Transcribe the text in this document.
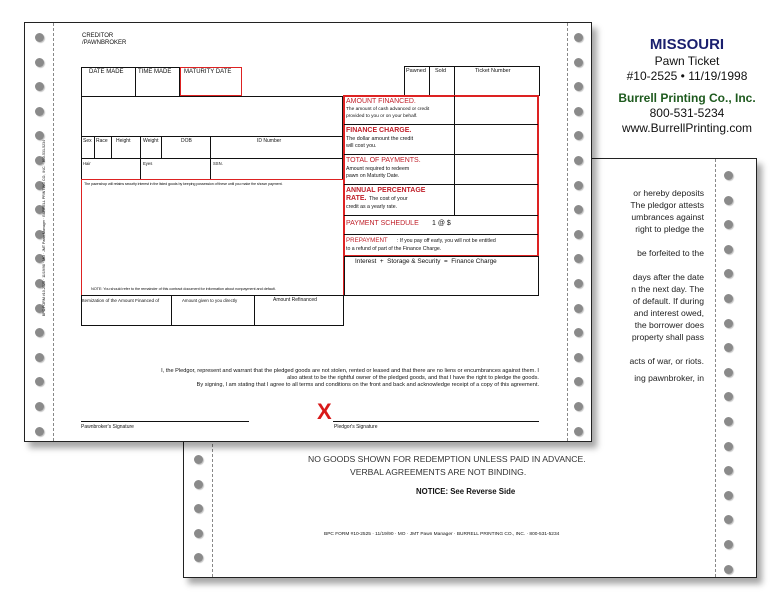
MISSOURI
Pawn Ticket
#10-2525 • 11/19/1998
Burrell Printing Co., Inc.
800-531-5234
www.BurrellPrinting.com
or hereby deposits
The pledgor attests
umbrances against
right to pledge the
be forfeited to the
days after the date
n the next day. The
of default. If during
and interest owed,
the borrower does
property shall pass
acts of war, or riots.
ing pawnbroker, in
NO GOODS SHOWN FOR REDEMPTION UNLESS PAID IN ADVANCE.
VERBAL AGREEMENTS ARE NOT BINDING.
NOTICE: See Reverse Side
BPC FORM #10-2525 · 11/19/90 · MO · JMT Pawn Manager · BURRELL PRINTING CO., INC. · 800-531-5234
BPC FORM #10-2525 · 11/19/98 · MO · JMT Pawn Manager · BURRELL PRINTING CO., INC. · 800-531-5234
CREDITOR
/PAWNBROKER
DATE MADE TIME MADE MATURITY DATE	Pawned Sold	Ticket Number
Sex Race Height	Weight	DOB	ID Number
Hair	Eyes	SSN.
The pawnshop will retains security interest in the listed goods by keeping possession of these until you make the shown payment.
NOTE: You should refer to the remainder of this contract document for information about nonpayment and default.
Itemization of the Amount Financed of	Amount given to you directly	Amount Refinanced
AMOUNT FINANCED.
The amount of cash advanced or credit
provided to you or on your behalf.
FINANCE CHARGE.
The dollar amount the credit
will cost you.
TOTAL OF PAYMENTS.
Amount required to redeem
pawn on Maturity Date.
ANNUAL PERCENTAGE
RATE. The cost of your
credit as a yearly rate.
PAYMENT SCHEDULE 1 @ $
PREPAYMENT : If you pay off early, you will not be entitled
to a refund of part of the Finance Charge.
Interest  +  Storage & Security  =  Finance Charge
I, the Pledgor, represent and warrant that the pledged goods are not stolen, rented or leased and that there are no liens or encumbrances against them. I
also attest to be the rightful owner of the pledged goods, and that I have the right to pledge the goods.
By signing, I am stating that I agree to all terms and conditions on the front and back and acknowledge receipt of a copy of this agreement.
Pawnbroker's Signature
X
Pledgor's Signature
